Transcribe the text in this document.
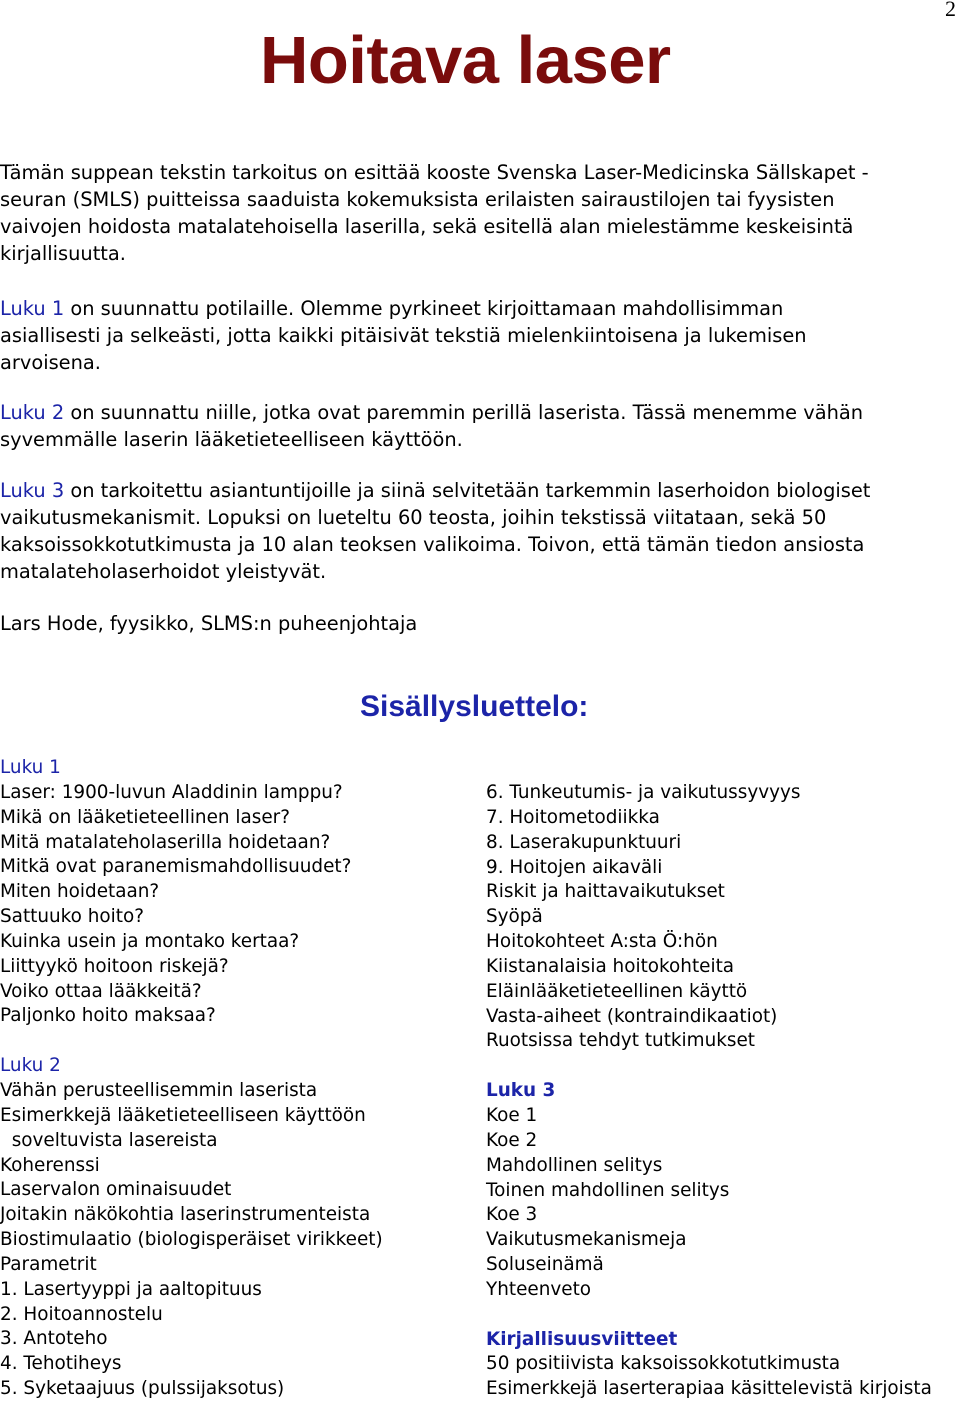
2
Hoitava laser

Tämän suppean tekstin tarkoitus on esittää kooste Svenska Laser-Medicinska Sällskapet -

seuran (SMLS) puitteissa saaduista kokemuksista erilaisten sairaustilojen tai fyysisten

vaivojen hoidosta matalatehoisella laserilla, sekä esitellä alan mielestämme keskeisintä

kirjallisuutta.

Luku 1 on suunnattu potilaille. Olemme pyrkineet kirjoittamaan mahdollisimman

asiallisesti ja selkeästi, jotta kaikki pitäisivät tekstiä mielenkiintoisena ja lukemisen

arvoisena.

Luku 2 on suunnattu niille, jotka ovat paremmin perillä laserista. Tässä menemme vähän

syvemmälle laserin lääketieteelliseen käyttöön.

Luku 3 on tarkoitettu asiantuntijoille ja siinä selvitetään tarkemmin laserhoidon biologiset

vaikutusmekanismit. Lopuksi on lueteltu 60 teosta, joihin tekstissä viitataan, sekä 50

kaksoissokkotutkimusta ja 10 alan teoksen valikoima. Toivon, että tämän tiedon ansiosta

matalateholaserhoidot yleistyvät.

Lars Hode, fyysikko, SLMS:n puheenjohtaja
Sisällysluettelo:
Luku 1
Laser: 1900-luvun Aladdinin lamppu?
Mikä on lääketieteellinen laser?
Mitä matalateholaserilla hoidetaan?
Mitkä ovat paranemismahdollisuudet?
Miten hoidetaan?
Sattuuko hoito?
Kuinka usein ja montako kertaa?
Liittyykö hoitoon riskejä?
Voiko ottaa lääkkeitä?
Paljonko hoito maksaa?
Luku 2
Vähän perusteellisemmin laserista
Esimerkkejä lääketieteelliseen käyttöön
soveltuvista lasereista
Koherenssi
Laservalon ominaisuudet
Joitakin näkökohtia laserinstrumenteista
Biostimulaatio (biologisperäiset virikkeet)
Parametrit
1. Lasertyyppi ja aaltopituus
2. Hoitoannostelu
3. Antoteho
4. Tehotiheys
5. Syketaajuus (pulssijaksotus)
6. Tunkeutumis- ja vaikutussyvyys
7. Hoitometodiikka
8. Laserakupunktuuri
9. Hoitojen aikaväli
Riskit ja haittavaikutukset
Syöpä
Hoitokohteet A:sta Ö:hön
Kiistanalaisia hoitokohteita
Eläinlääketieteellinen käyttö
Vasta-aiheet (kontraindikaatiot)
Ruotsissa tehdyt tutkimukset
Luku 3
Koe 1
Koe 2
Mahdollinen selitys
Toinen mahdollinen selitys
Koe 3
Vaikutusmekanismeja
Soluseinämä
Yhteenveto
Kirjallisuusviitteet
50 positiivista kaksoissokkotutkimusta
Esimerkkejä laserterapiaa käsittelevistä kirjoista
